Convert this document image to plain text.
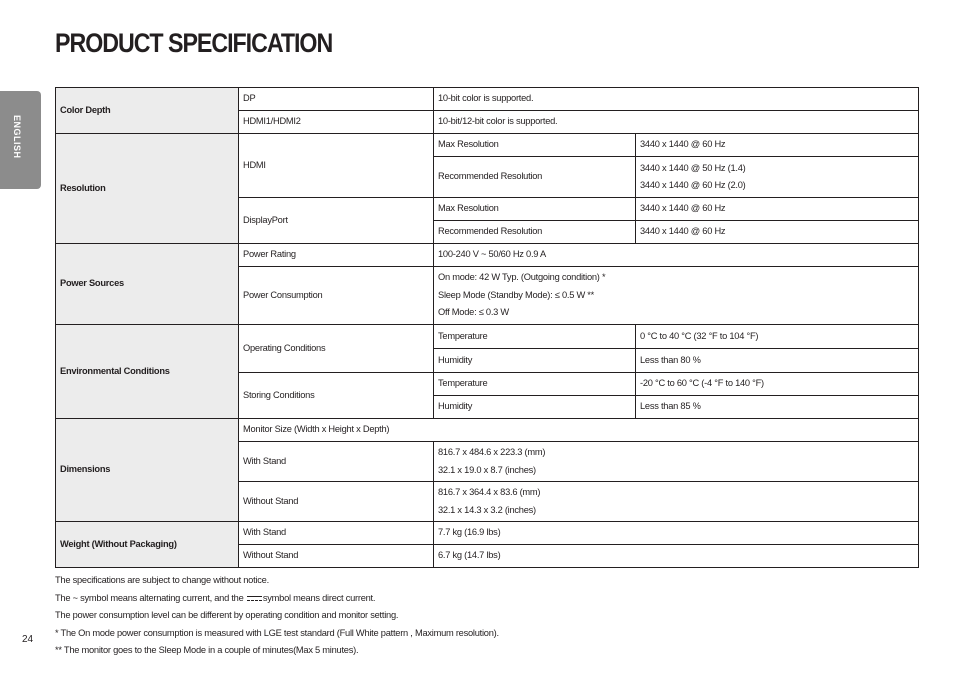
PRODUCT SPECIFICATION
ENGLISH
Color Depth	DP	10-bit color is supported.	
	HDMI1/HDMI2	10-bit/12-bit color is supported.	
Resolution	HDMI	Max Resolution	3440 x 1440 @ 60 Hz
		Recommended Resolution	3440 x 1440 @ 50 Hz (1.4)
3440 x 1440 @ 60 Hz (2.0)

	DisplayPort	Max Resolution	3440 x 1440 @ 60 Hz
		Recommended Resolution	3440 x 1440 @ 60 Hz
Power Sources	Power Rating	100-240 V ~ 50/60 Hz 0.9 A	
	Power Consumption	On mode: 42 W Typ. (Outgoing condition) *
Sleep Mode (Standby Mode): ≤ 0.5 W **
Off Mode: ≤ 0.3 W	

Environmental Conditions	Operating Conditions	Temperature	0 °C to 40 °C (32 °F to 104 °F)
		Humidity	Less than 80 %
	Storing Conditions	Temperature	-20 °C to 60 °C (-4 °F to 140 °F)
		Humidity	Less than 85 %
Dimensions	Monitor Size (Width x Height x Depth)		
	With Stand	816.7 x 484.6 x 223.3 (mm)
32.1 x 19.0 x 8.7 (inches)	

	Without Stand	816.7 x 364.4 x 83.6 (mm)
32.1 x 14.3 x 3.2 (inches)	

Weight (Without Packaging)	With Stand	7.7 kg (16.9 lbs)	
	Without Stand	6.7 kg (14.7 lbs)	

The specifications are subject to change without notice.

The ~ symbol means alternating current, and the symbol means direct current.

The power consumption level can be different by operating condition and monitor setting.

* The On mode power consumption is measured with LGE test standard (Full White pattern , Maximum resolution).

** The monitor goes to the Sleep Mode in a couple of minutes(Max 5 minutes).

24
